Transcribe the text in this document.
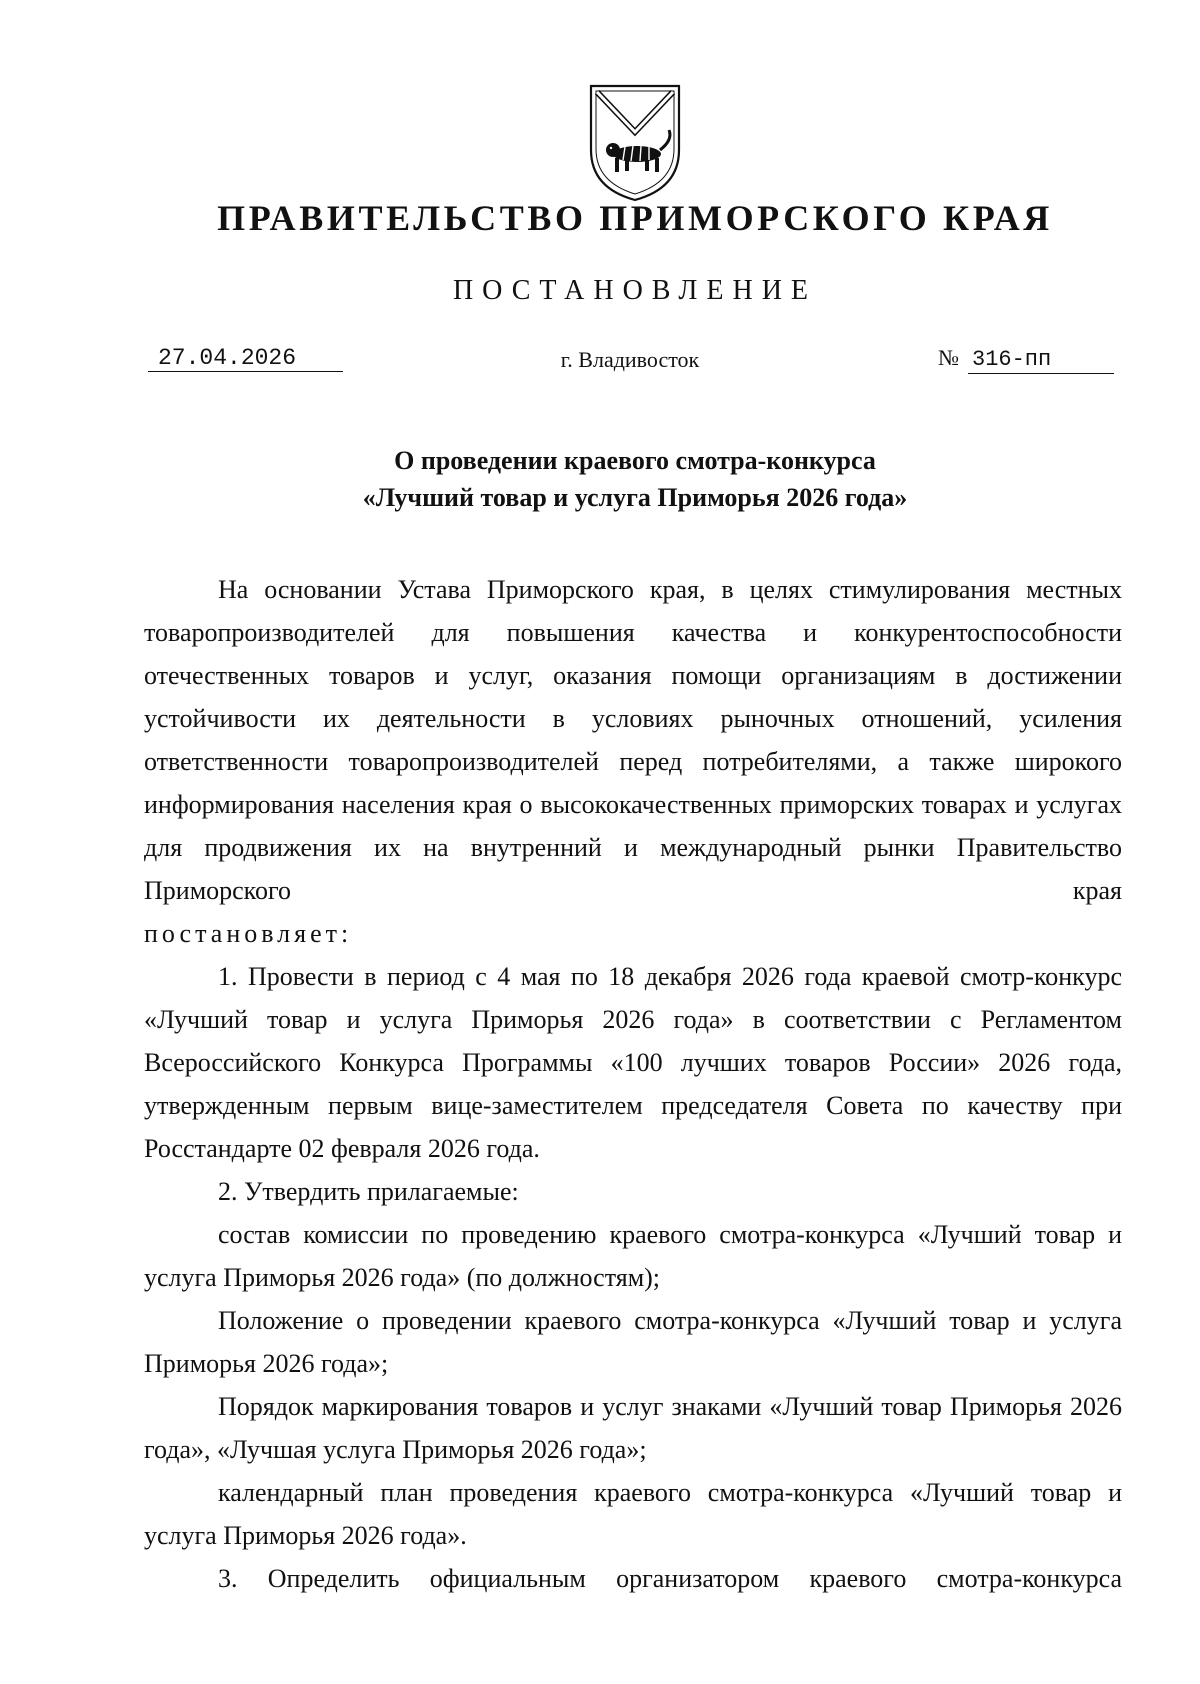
ПРАВИТЕЛЬСТВО ПРИМОРСКОГО КРАЯ
ПОСТАНОВЛЕНИЕ
27.04.2026	г. Владивосток	№ 316-пп
О проведении краевого смотра-конкурса
«Лучший товар и услуга Приморья 2026 года»

На основании Устава Приморского края, в целях стимулирования местных товаропроизводителей для повышения качества и конкурентоспособности отечественных товаров и услуг, оказания помощи организациям в достижении устойчивости их деятельности в условиях рыночных отношений, усиления ответственности товаропроизводителей перед потребителями, а также широкого информирования населения края о высококачественных приморских товарах и услугах для продвижения их на внутренний и международный рынки Правительство Приморского края

постановляет:

1. Провести в период с 4 мая по 18 декабря 2026 года краевой смотр-конкурс «Лучший товар и услуга Приморья 2026 года» в соответствии с Регламентом Всероссийского Конкурса Программы «100 лучших товаров России» 2026 года, утвержденным первым вице-заместителем председателя Совета по качеству при Росстандарте 02 февраля 2026 года.

2. Утвердить прилагаемые:

состав комиссии по проведению краевого смотра-конкурса «Лучший товар и услуга Приморья 2026 года» (по должностям);

Положение о проведении краевого смотра-конкурса «Лучший товар и услуга Приморья 2026 года»;

Порядок маркирования товаров и услуг знаками «Лучший товар Приморья 2026 года», «Лучшая услуга Приморья 2026 года»;

календарный план проведения краевого смотра-конкурса «Лучший товар и услуга Приморья 2026 года».

3. Определить официальным организатором краевого смотра-конкурса
